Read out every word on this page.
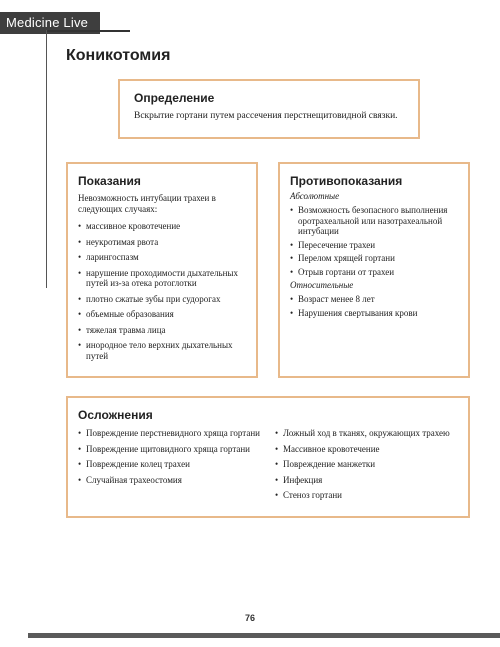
Medicine Live
Коникотомия
Определение

Вскрытие гортани путем рассечения перстнещитовидной связки.

Показания

Невозможность интубации трахеи в следующих случаях:

• массивное кровотечение
• неукротимая рвота
• ларингоспазм
• нарушение проходимости дыхательных путей из-за отека ротоглотки
• плотно сжатые зубы при судорогах
• объемные образования
• тяжелая травма лица
• инородное тело верхних дыхательных путей
Противопоказания

Абсолютные

• Возможность безопасного выполнения оротрахеальной или назотрахеальной интубации
• Пересечение трахеи
• Перелом хрящей гортани
• Отрыв гортани от трахеи

Относительные

• Возраст менее 8 лет
• Нарушения свертывания крови
Осложнения
• Повреждение перстневидного хряща гортани
• Повреждение щитовидного хряща гортани
• Повреждение колец трахеи
• Случайная трахеостомия
• Ложный ход в тканях, окружающих трахею
• Массивное кровотечение
• Повреждение манжетки
• Инфекция
• Стеноз гортани
76
